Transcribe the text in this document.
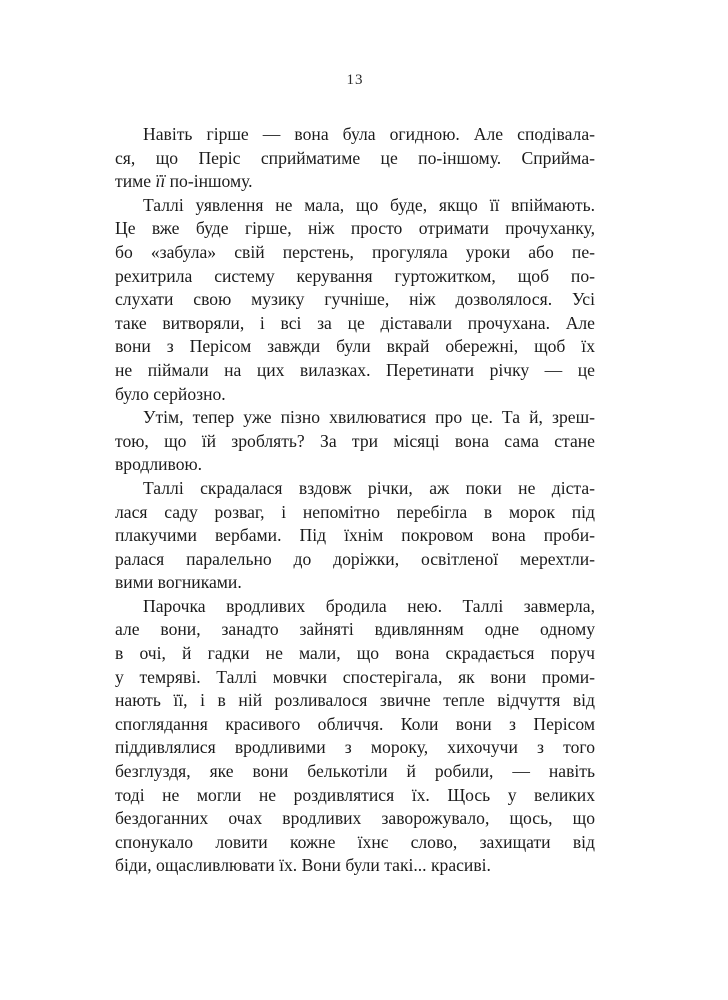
13

Навіть гірше — вона була огидною. Але сподівала-
ся, що Періс сприйматиме це по-іншому. Сприйма-
тиме її по-іншому.

Таллі уявлення не мала, що буде, якщо її впіймають.
Це вже буде гірше, ніж просто отримати прочуханку,
бо «забула» свій перстень, прогуляла уроки або пе-
рехитрила систему керування гуртожитком, щоб по-
слухати свою музику гучніше, ніж дозволялося. Усі
таке витворяли, і всі за це діставали прочухана. Але
вони з Перісом завжди були вкрай обережні, щоб їх
не піймали на цих вилазках. Перетинати річку — це
було серйозно.

Утім, тепер уже пізно хвилюватися про це. Та й, зреш-
тою, що їй зроблять? За три місяці вона сама стане
вродливою.

Таллі скрадалася вздовж річки, аж поки не діста-
лася саду розваг, і непомітно перебігла в морок під
плакучими вербами. Під їхнім покровом вона проби-
ралася паралельно до доріжки, освітленої мерехтли-
вими вогниками.

Парочка вродливих бродила нею. Таллі завмерла,
але вони, занадто зайняті вдивлянням одне одному
в очі, й гадки не мали, що вона скрадається поруч
у темряві. Таллі мовчки спостерігала, як вони проми-
нають її, і в ній розливалося звичне тепле відчуття від
споглядання красивого обличчя. Коли вони з Перісом
піддивлялися вродливими з мороку, хихочучи з того
безглуздя, яке вони белькотіли й робили, — навіть
тоді не могли не роздивлятися їх. Щось у великих
бездоганних очах вродливих заворожувало, щось, що
спонукало ловити кожне їхнє слово, захищати від
біди, ощасливлювати їх. Вони були такі... красиві.
